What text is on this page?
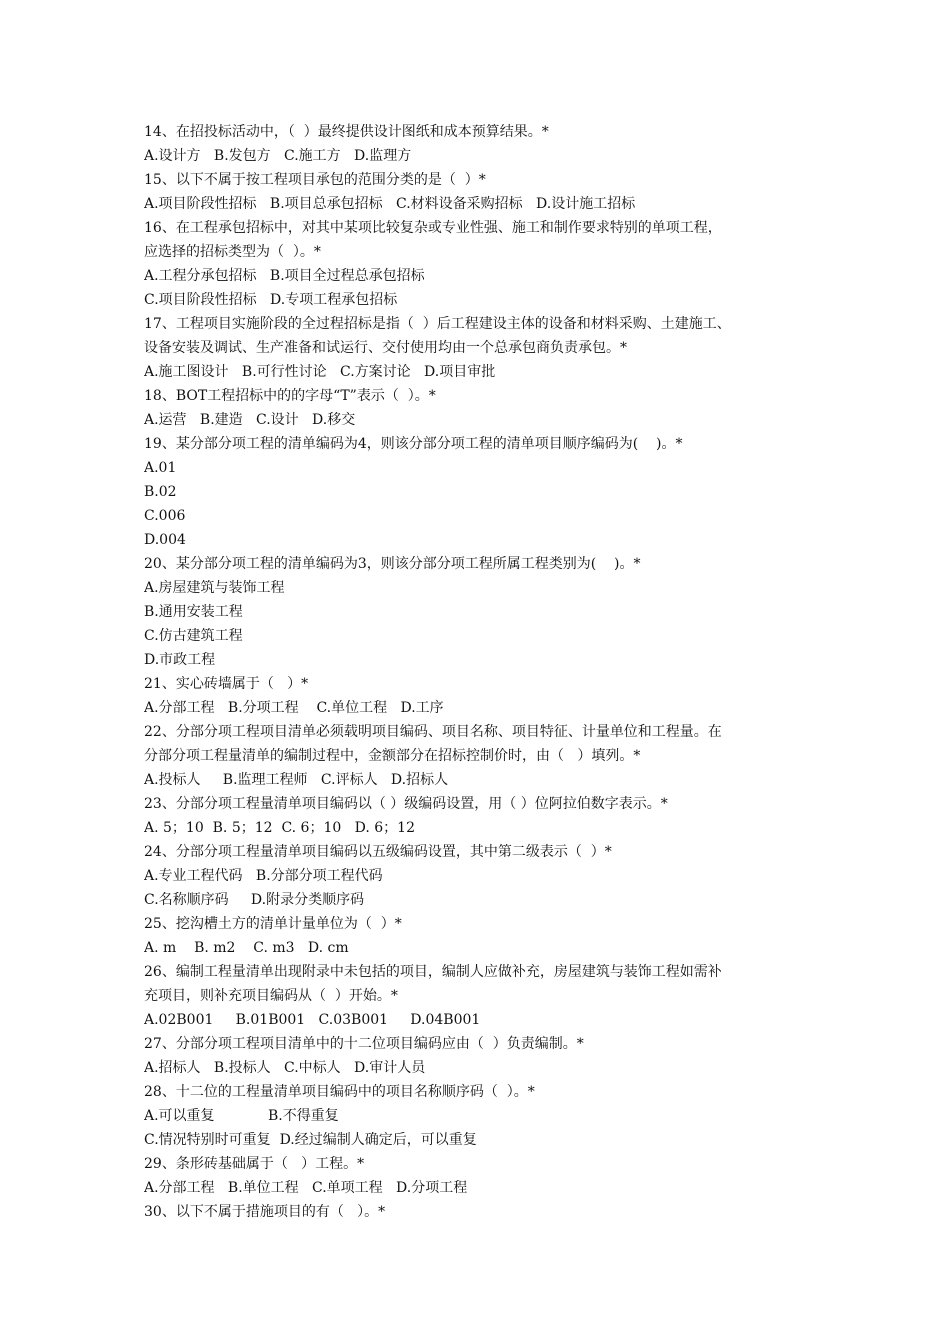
14、在招投标活动中，（  ）最终提供设计图纸和成本预算结果。*
A.设计方   B.发包方   C.施工方   D.监理方
15、以下不属于按工程项目承包的范围分类的是（  ）*
A.项目阶段性招标   B.项目总承包招标   C.材料设备采购招标   D.设计施工招标
16、在工程承包招标中，对其中某项比较复杂或专业性强、施工和制作要求特别的单项工程，
应选择的招标类型为（  ）。*
A.工程分承包招标   B.项目全过程总承包招标
C.项目阶段性招标   D.专项工程承包招标
17、工程项目实施阶段的全过程招标是指（  ）后工程建设主体的设备和材料采购、土建施工、
设备安装及调试、生产准备和试运行、交付使用均由一个总承包商负责承包。*
A.施工图设计   B.可行性讨论   C.方案讨论   D.项目审批
18、BOT工程招标中的的字母“T”表示（  ）。*
A.运营   B.建造   C.设计   D.移交
19、某分部分项工程的清单编码为4，则该分部分项工程的清单项目顺序编码为(    )。*
A.01
B.02
C.006
D.004
20、某分部分项工程的清单编码为3，则该分部分项工程所属工程类别为(    )。*
A.房屋建筑与装饰工程
B.通用安装工程
C.仿古建筑工程
D.市政工程
21、实心砖墙属于（   ）*
A.分部工程   B.分项工程    C.单位工程   D.工序
22、分部分项工程项目清单必须载明项目编码、项目名称、项目特征、计量单位和工程量。在
分部分项工程量清单的编制过程中，金额部分在招标控制价时，由（   ）填列。*
A.投标人     B.监理工程师   C.评标人   D.招标人
23、分部分项工程量清单项目编码以（ ）级编码设置，用（ ）位阿拉伯数字表示。*
A. 5；10  B. 5；12  C. 6；10   D. 6；12
24、分部分项工程量清单项目编码以五级编码设置，其中第二级表示（  ）*
A.专业工程代码   B.分部分项工程代码
C.名称顺序码     D.附录分类顺序码
25、挖沟槽土方的清单计量单位为（  ）*
A. m    B. m2    C. m3   D. cm
26、编制工程量清单出现附录中未包括的项目，编制人应做补充，房屋建筑与装饰工程如需补
充项目，则补充项目编码从（  ）开始。*
A.02B001     B.01B001   C.03B001     D.04B001
27、分部分项工程项目清单中的十二位项目编码应由（  ）负责编制。*
A.招标人   B.投标人   C.中标人   D.审计人员
28、十二位的工程量清单项目编码中的项目名称顺序码（  ）。*
A.可以重复            B.不得重复
C.情况特别时可重复  D.经过编制人确定后，可以重复
29、条形砖基础属于（   ）工程。*
A.分部工程   B.单位工程   C.单项工程   D.分项工程
30、以下不属于措施项目的有（   ）。*
